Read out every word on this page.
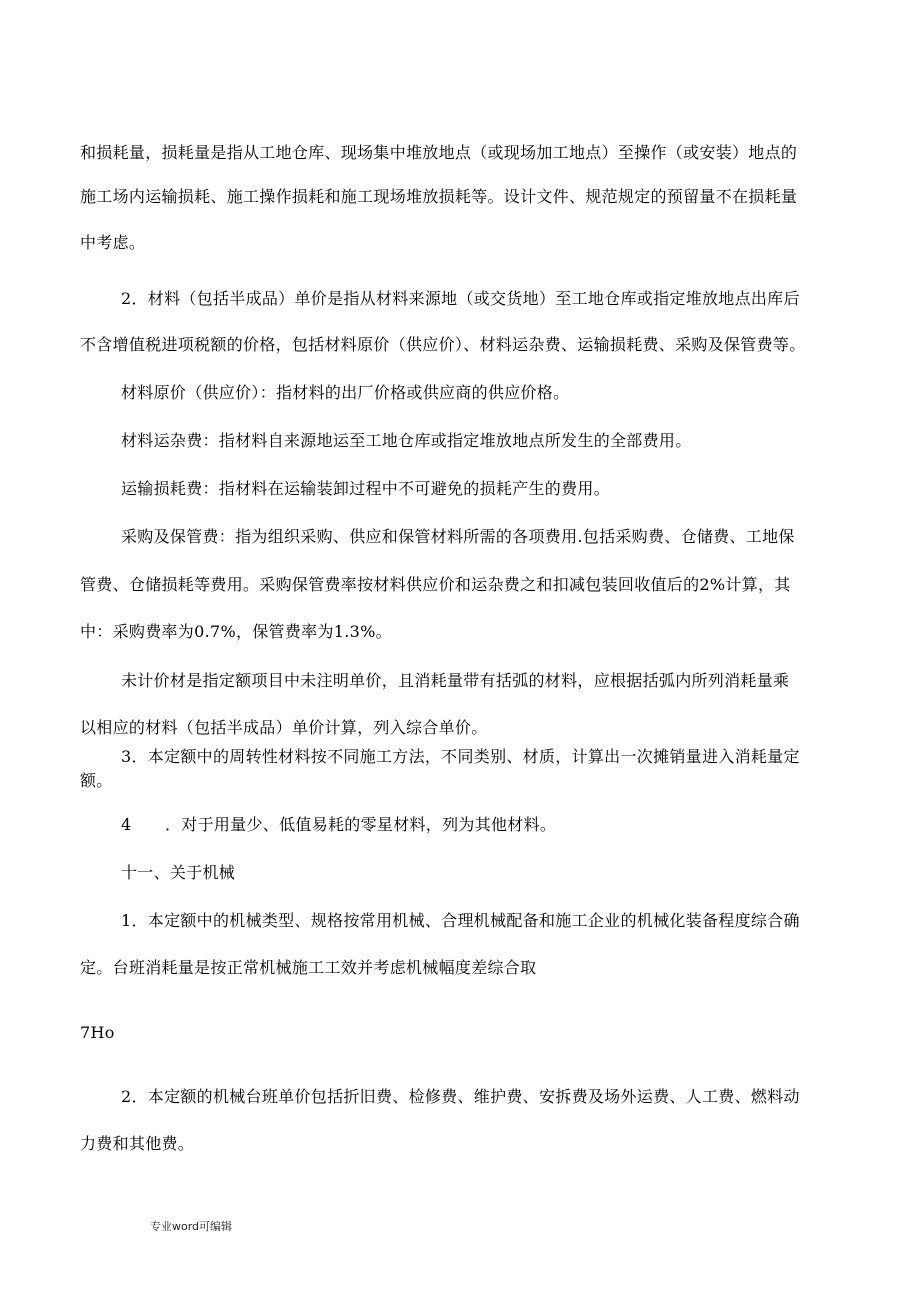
和损耗量，损耗量是指从工地仓库、现场集中堆放地点（或现场加工地点）至操作（或安装）地点的
施工场内运输损耗、施工操作损耗和施工现场堆放损耗等。设计文件、规范规定的预留量不在损耗量
中考虑。
2．材料（包括半成品）单价是指从材料来源地（或交货地）至工地仓库或指定堆放地点出库后
不含增值税进项税额的价格，包括材料原价（供应价）、材料运杂费、运输损耗费、采购及保管费等。
材料原价（供应价）：指材料的出厂价格或供应商的供应价格。
材料运杂费：指材料自来源地运至工地仓库或指定堆放地点所发生的全部费用。
运输损耗费：指材料在运输装卸过程中不可避免的损耗产生的费用。
采购及保管费：指为组织采购、供应和保管材料所需的各项费用.包括采购费、仓储费、工地保
管费、仓储损耗等费用。采购保管费率按材料供应价和运杂费之和扣减包装回收值后的2%计算，其
中：采购费率为0.7%，保管费率为1.3%。
未计价材是指定额项目中未注明单价，且消耗量带有括弧的材料，应根据括弧内所列消耗量乘
以相应的材料（包括半成品）单价计算，列入综合单价。
3．本定额中的周转性材料按不同施工方法，不同类别、材质，计算出一次摊销量进入消耗量定
额。
4 ．对于用量少、低值易耗的零星材料，列为其他材料。
十一、关于机械
1．本定额中的机械类型、规格按常用机械、合理机械配备和施工企业的机械化装备程度综合确
定。台班消耗量是按正常机械施工工效并考虑机械幅度差综合取
7Ho
2．本定额的机械台班单价包括折旧费、检修费、维护费、安拆费及场外运费、人工费、燃料动
力费和其他费。
专业word可编辑
